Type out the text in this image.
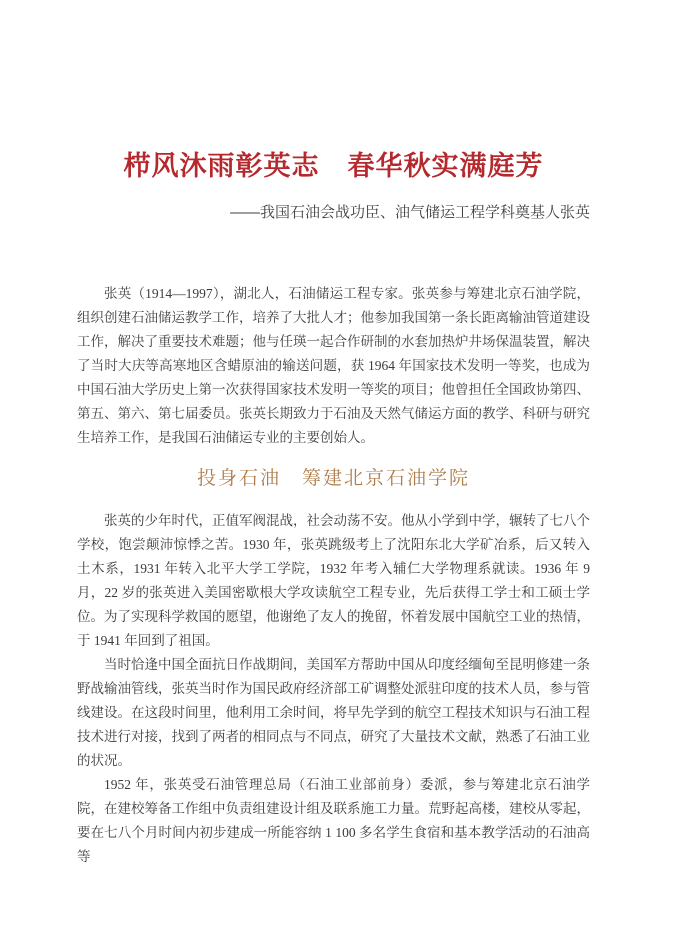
栉风沐雨彰英志　春华秋实满庭芳
——我国石油会战功臣、油气储运工程学科奠基人张英

张英（1914—1997），湖北人，石油储运工程专家。张英参与筹建北京石油学院，组织创建石油储运教学工作，培养了大批人才；他参加我国第一条长距离输油管道建设工作，解决了重要技术难题；他与任瑛一起合作研制的水套加热炉井场保温装置，解决了当时大庆等高寒地区含蜡原油的输送问题，获 1964 年国家技术发明一等奖，也成为中国石油大学历史上第一次获得国家技术发明一等奖的项目；他曾担任全国政协第四、第五、第六、第七届委员。张英长期致力于石油及天然气储运方面的教学、科研与研究生培养工作，是我国石油储运专业的主要创始人。

投身石油　筹建北京石油学院

张英的少年时代，正值军阀混战，社会动荡不安。他从小学到中学，辗转了七八个学校，饱尝颠沛惊悸之苦。1930 年，张英跳级考上了沈阳东北大学矿冶系，后又转入土木系，1931 年转入北平大学工学院，1932 年考入辅仁大学物理系就读。1936 年 9 月，22 岁的张英进入美国密歇根大学攻读航空工程专业，先后获得工学士和工硕士学位。为了实现科学救国的愿望，他谢绝了友人的挽留，怀着发展中国航空工业的热情，于 1941 年回到了祖国。

当时恰逢中国全面抗日作战期间，美国军方帮助中国从印度经缅甸至昆明修建一条野战输油管线，张英当时作为国民政府经济部工矿调整处派驻印度的技术人员，参与管线建设。在这段时间里，他利用工余时间，将早先学到的航空工程技术知识与石油工程技术进行对接，找到了两者的相同点与不同点，研究了大量技术文献，熟悉了石油工业的状况。

1952 年，张英受石油管理总局（石油工业部前身）委派，参与筹建北京石油学院，在建校筹备工作组中负责组建设计组及联系施工力量。荒野起高楼，建校从零起，要在七八个月时间内初步建成一所能容纳 1 100 多名学生食宿和基本教学活动的石油高等
